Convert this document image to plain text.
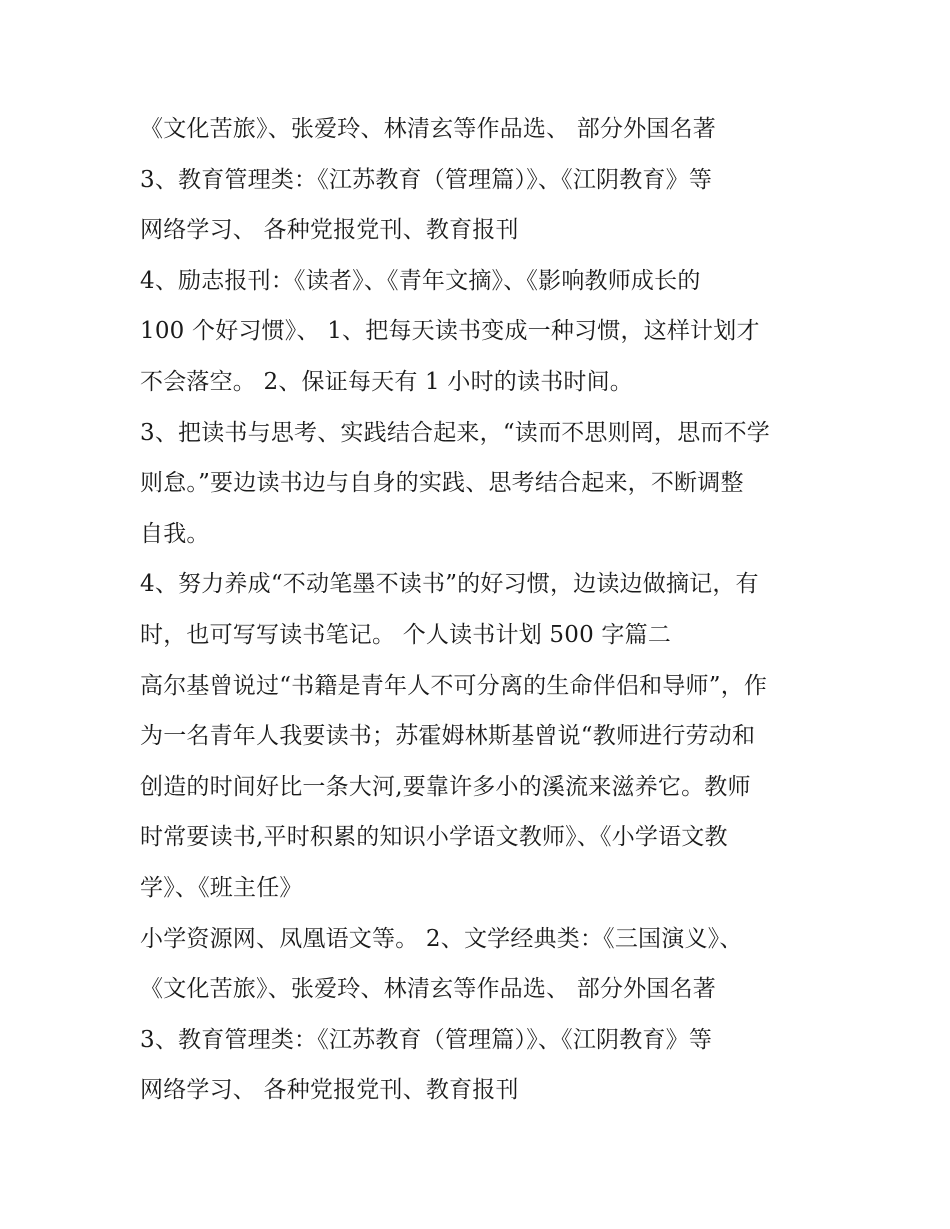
《文化苦旅》、张爱玲、林清玄等作品选、 部分外国名著
3、教育管理类：《江苏教育（管理篇）》、《江阴教育》等
网络学习、 各种党报党刊、教育报刊
4、励志报刊：《读者》、《青年文摘》、《影响教师成长的
100 个好习惯》、 1、把每天读书变成一种习惯，这样计划才
不会落空。 2、保证每天有 1 小时的读书时间。
3、把读书与思考、实践结合起来，“读而不思则罔，思而不学
则怠。”要边读书边与自身的实践、思考结合起来，不断调整
自我。
4、努力养成“不动笔墨不读书”的好习惯，边读边做摘记，有
时，也可写写读书笔记。 个人读书计划 500 字篇二
高尔基曾说过“书籍是青年人不可分离的生命伴侣和导师”，作
为一名青年人我要读书；苏霍姆林斯基曾说“教师进行劳动和
创造的时间好比一条大河,要靠许多小的溪流来滋养它。教师
时常要读书,平时积累的知识小学语文教师》、《小学语文教
学》、《班主任》
小学资源网、凤凰语文等。 2、文学经典类：《三国演义》、
《文化苦旅》、张爱玲、林清玄等作品选、 部分外国名著
3、教育管理类：《江苏教育（管理篇）》、《江阴教育》等
网络学习、 各种党报党刊、教育报刊
